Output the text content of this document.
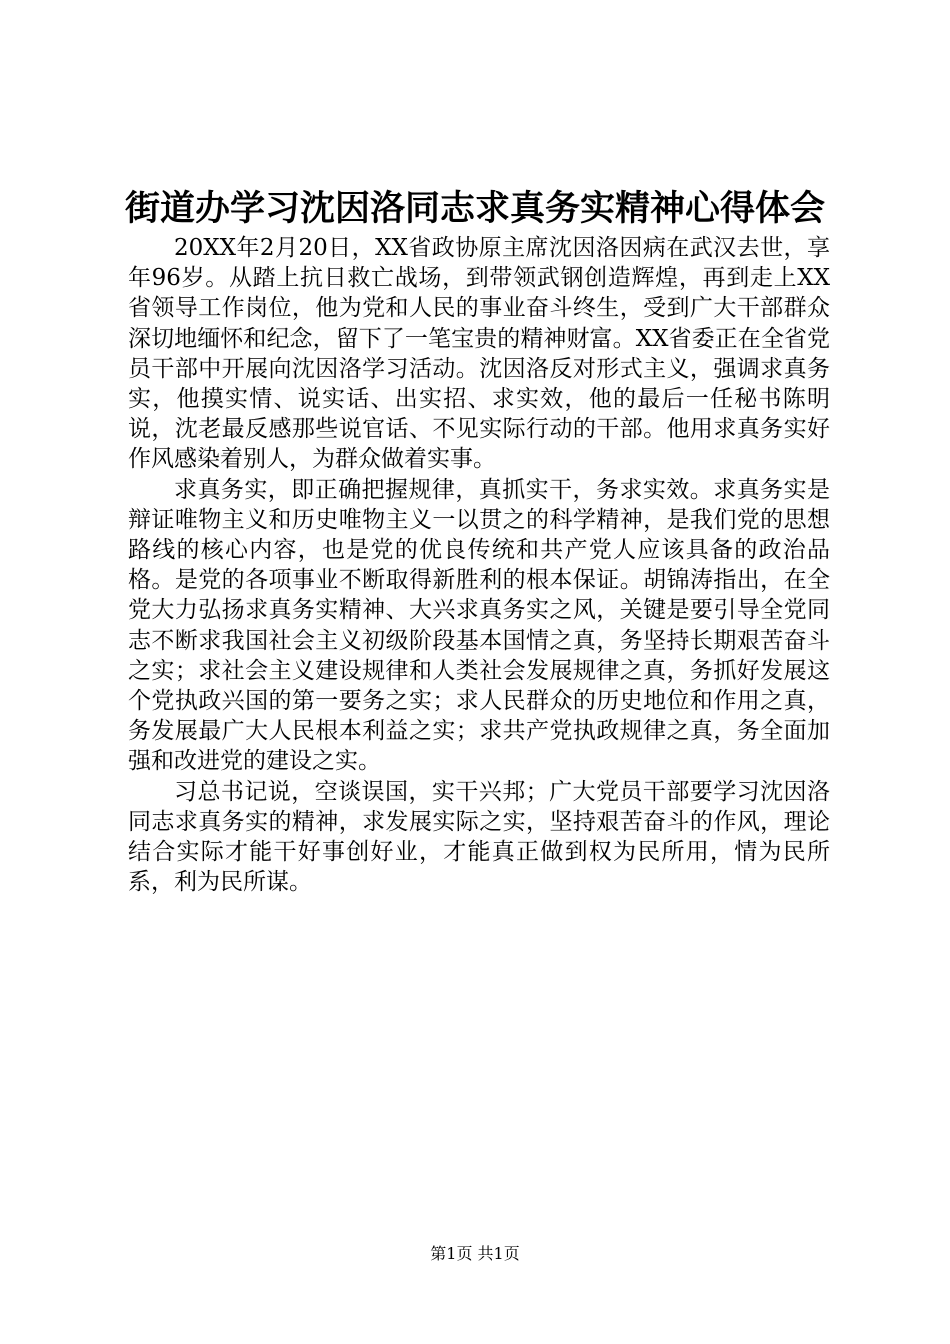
街道办学习沈因洛同志求真务实精神心得体会

20XX年2月20日，XX省政协原主席沈因洛因病在武汉去世，享年96岁。从踏上抗日救亡战场，到带领武钢创造辉煌，再到走上XX省领导工作岗位，他为党和人民的事业奋斗终生，受到广大干部群众深切地缅怀和纪念，留下了一笔宝贵的精神财富。XX省委正在全省党员干部中开展向沈因洛学习活动。沈因洛反对形式主义，强调求真务实，他摸实情、说实话、出实招、求实效，他的最后一任秘书陈明说，沈老最反感那些说官话、不见实际行动的干部。他用求真务实好作风感染着别人，为群众做着实事。

求真务实，即正确把握规律，真抓实干，务求实效。求真务实是辩证唯物主义和历史唯物主义一以贯之的科学精神，是我们党的思想路线的核心内容，也是党的优良传统和共产党人应该具备的政治品格。是党的各项事业不断取得新胜利的根本保证。胡锦涛指出，在全党大力弘扬求真务实精神、大兴求真务实之风，关键是要引导全党同志不断求我国社会主义初级阶段基本国情之真，务坚持长期艰苦奋斗之实；求社会主义建设规律和人类社会发展规律之真，务抓好发展这个党执政兴国的第一要务之实；求人民群众的历史地位和作用之真，务发展最广大人民根本利益之实；求共产党执政规律之真，务全面加强和改进党的建设之实。

习总书记说，空谈误国，实干兴邦；广大党员干部要学习沈因洛同志求真务实的精神，求发展实际之实，坚持艰苦奋斗的作风，理论结合实际才能干好事创好业，才能真正做到权为民所用，情为民所系，利为民所谋。

第1页 共1页
